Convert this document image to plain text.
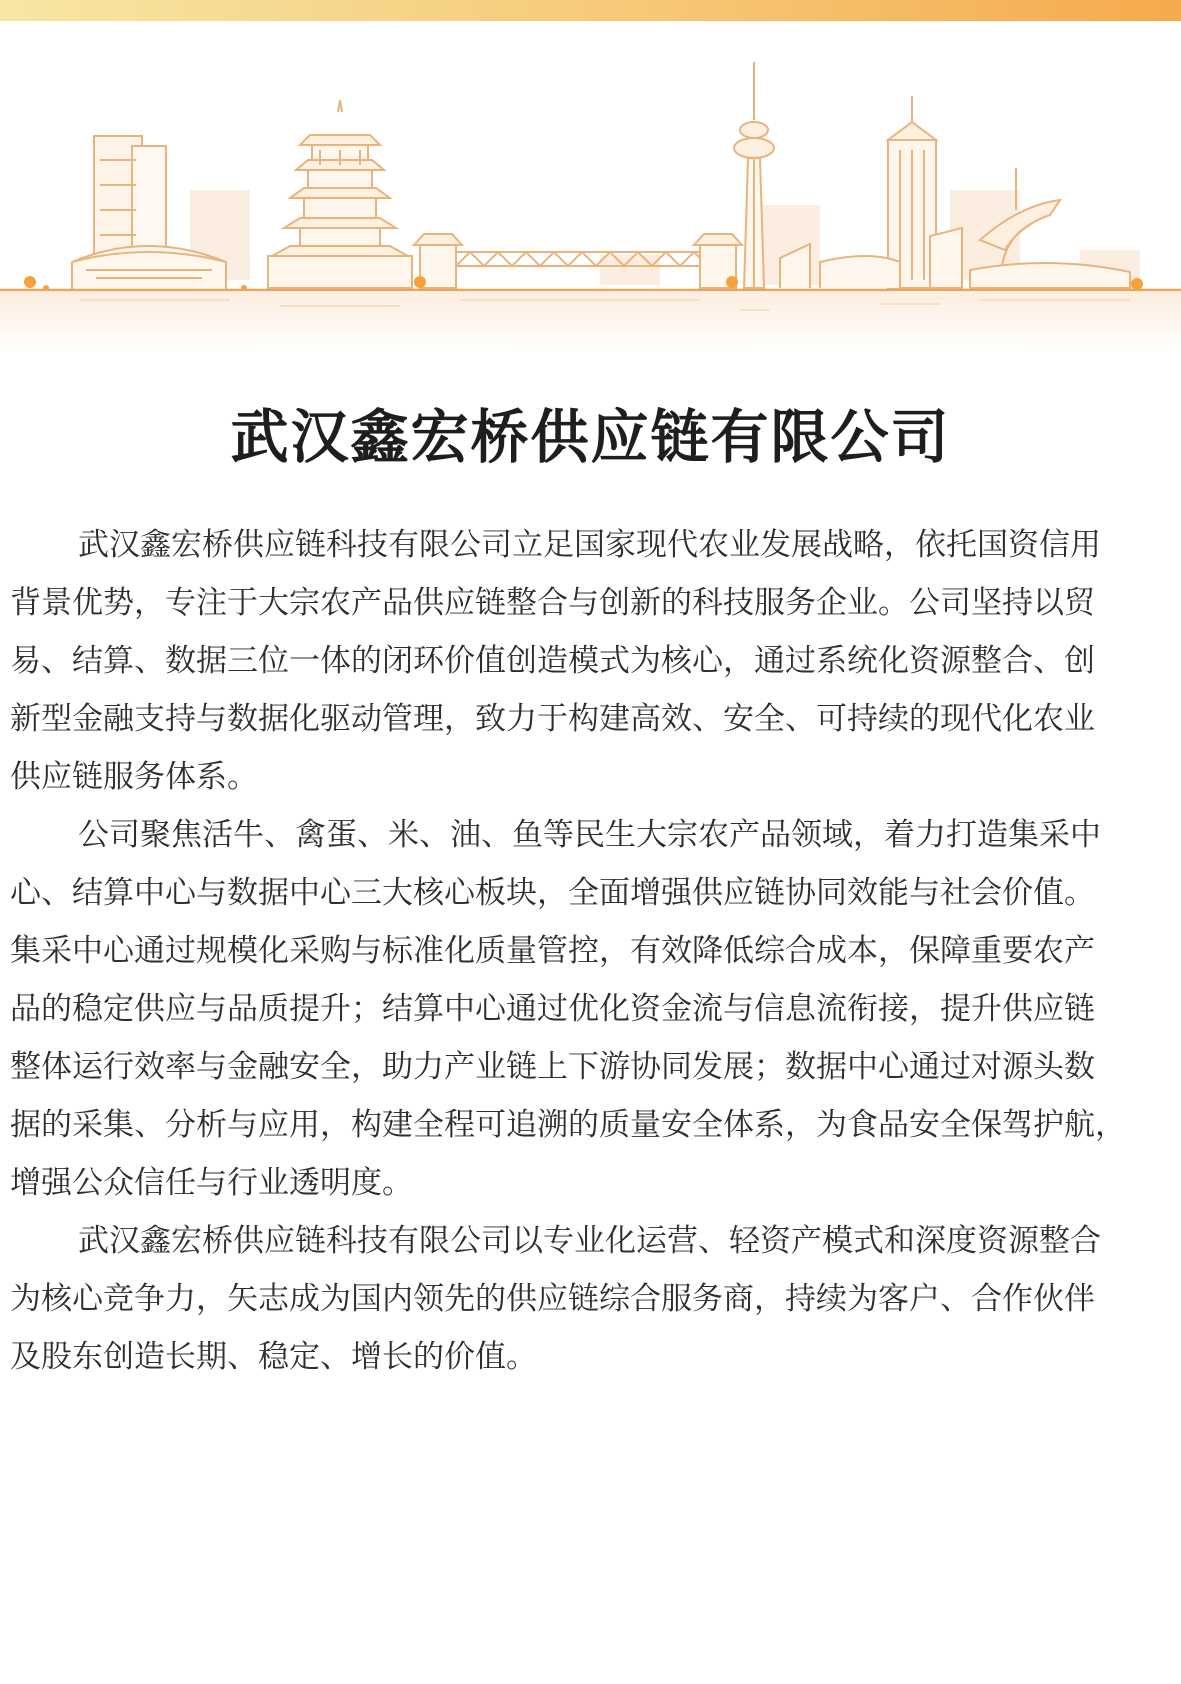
武汉鑫宏桥供应链有限公司
武汉鑫宏桥供应链科技有限公司立足国家现代农业发展战略，依托国资信用
背景优势，专注于大宗农产品供应链整合与创新的科技服务企业。公司坚持以贸
易、结算、数据三位一体的闭环价值创造模式为核心，通过系统化资源整合、创
新型金融支持与数据化驱动管理，致力于构建高效、安全、可持续的现代化农业
供应链服务体系。
公司聚焦活牛、禽蛋、米、油、鱼等民生大宗农产品领域，着力打造集采中
心、结算中心与数据中心三大核心板块，全面增强供应链协同效能与社会价值。
集采中心通过规模化采购与标准化质量管控，有效降低综合成本，保障重要农产
品的稳定供应与品质提升；结算中心通过优化资金流与信息流衔接，提升供应链
整体运行效率与金融安全，助力产业链上下游协同发展；数据中心通过对源头数
据的采集、分析与应用，构建全程可追溯的质量安全体系，为食品安全保驾护航，
增强公众信任与行业透明度。
武汉鑫宏桥供应链科技有限公司以专业化运营、轻资产模式和深度资源整合
为核心竞争力，矢志成为国内领先的供应链综合服务商，持续为客户、合作伙伴
及股东创造长期、稳定、增长的价值。
